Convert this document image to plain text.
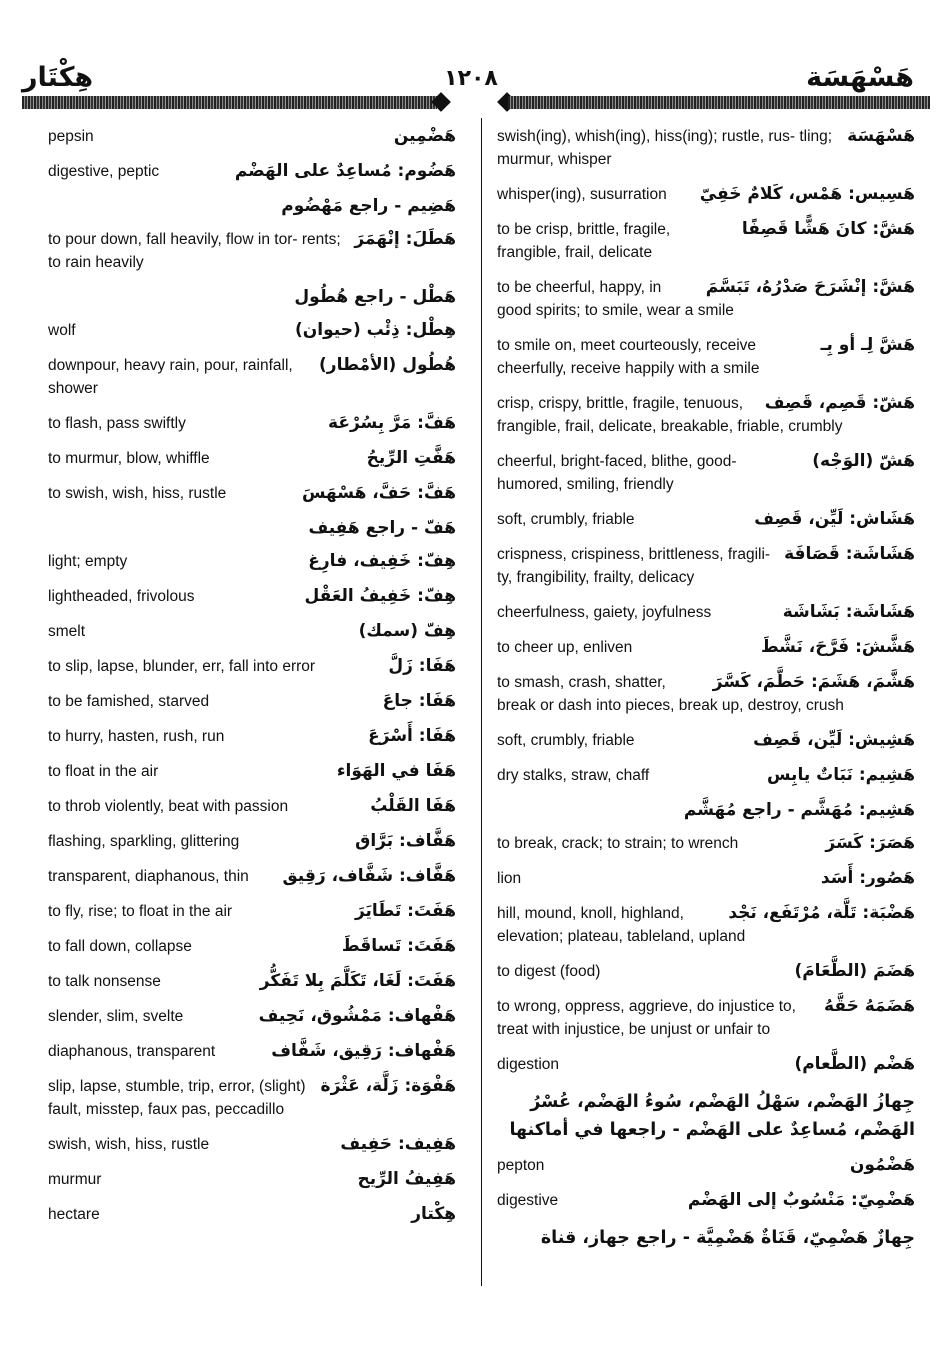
هِكْتَار	١٢٠٨	هَسْهَسَة
هَضْمِين
pepsin
هَضُوم: مُساعِدٌ على الهَضْم
digestive, peptic
هَضِيم - راجع مَهْضُوم
هَطَلَ: إنْهَمَرَ
to pour down, fall heavily, flow in tor- rents; to rain heavily
هَطْل - راجع هُطُول
هِطْل: ذِئْب (حيوان)
wolf
هُطُول (الأمْطار)
downpour, heavy rain, pour, rainfall, shower
هَفَّ: مَرَّ بِسُرْعَة
to flash, pass swiftly
هَفَّتِ الرِّيحُ
to murmur, blow, whiffle
هَفَّ: حَفَّ، هَسْهَسَ
to swish, wish, hiss, rustle
هَفّ - راجع هَفِيف
هِفّ: خَفِيف، فارِغ
light; empty
هِفّ: خَفِيفُ العَقْل
lightheaded, frivolous
هِفّ (سمك)
smelt
هَفَا: زَلَّ
to slip, lapse, blunder, err, fall into error
هَفَا: جاعَ
to be famished, starved
هَفَا: أَسْرَعَ
to hurry, hasten, rush, run
هَفَا في الهَوَاء
to float in the air
هَفَا القَلْبُ
to throb violently, beat with passion
هَفَّاف: بَرَّاق
flashing, sparkling, glittering
هَفَّاف: شَفَّاف، رَقِيق
transparent, diaphanous, thin
هَفَتَ: تَطَايَرَ
to fly, rise; to float in the air
هَفَتَ: تَساقَطَ
to fall down, collapse
هَفَتَ: لَغَا، تَكَلَّمَ بِلا تَفَكُّر
to talk nonsense
هَفْهاف: مَمْشُوق، نَحِيف
slender, slim, svelte
هَفْهاف: رَقِيق، شَفَّاف
diaphanous, transparent
هَفْوَة: زَلَّة، عَثْرَة
slip, lapse, stumble, trip, error, (slight) fault, misstep, faux pas, peccadillo
هَفِيف: حَفِيف
swish, wish, hiss, rustle
هَفِيفُ الرِّيح
murmur
هِكْتار
hectare
هَسْهَسَة
swish(ing), whish(ing), hiss(ing); rustle, rus- tling; murmur, whisper
هَسِيس: هَمْس، كَلامٌ خَفِيّ
whisper(ing), susurration
هَشَّ: كانَ هَشًّا قَصِفًا
to be crisp, brittle, fragile, frangible, frail, delicate
هَشَّ: إنْشَرَحَ صَدْرُهُ، تَبَسَّمَ
to be cheerful, happy, in good spirits; to smile, wear a smile
هَشَّ لِـ أو بِـ
to smile on, meet courteously, receive cheerfully, receive happily with a smile
هَشّ: قَصِم، قَصِف
crisp, crispy, brittle, fragile, tenuous, frangible, frail, delicate, breakable, friable, crumbly
هَشّ (الوَجْه)
cheerful, bright-faced, blithe, good- humored, smiling, friendly
هَشَاش: لَيِّن، قَصِف
soft, crumbly, friable
هَشَاشَة: قَصَافَة
crispness, crispiness, brittleness, fragili- ty, frangibility, frailty, delicacy
هَشَاشَة: بَشَاشَة
cheerfulness, gaiety, joyfulness
هَشَّشَ: فَرَّحَ، نَشَّطَ
to cheer up, enliven
هَشَّمَ، هَشَمَ: حَطَّمَ، كَسَّرَ
to smash, crash, shatter, break or dash into pieces, break up, destroy, crush
هَشِيش: لَيِّن، قَصِف
soft, crumbly, friable
هَشِيم: نَبَاتٌ يابِس
dry stalks, straw, chaff
هَشِيم: مُهَشَّم - راجع مُهَشَّم
هَصَرَ: كَسَرَ
to break, crack; to strain; to wrench
هَصُور: أَسَد
lion
هَضْبَة: تَلَّة، مُرْتَفَع، نَجْد
hill, mound, knoll, highland, elevation; plateau, tableland, upland
هَضَمَ (الطَّعَامَ)
to digest (food)
هَضَمَهُ حَقَّهُ
to wrong, oppress, aggrieve, do injustice to, treat with injustice, be unjust or unfair to
هَضْم (الطَّعام)
digestion
جِهازُ الهَضْم، سَهْلُ الهَضْم، سُوءُ الهَضْم، عُسْرُ الهَضْم، مُساعِدٌ على الهَضْم - راجعها في أماكنها
هَضْمُون
pepton
هَضْمِيّ: مَنْسُوبٌ إلى الهَضْم
digestive
جِهازٌ هَضْمِيّ، قَنَاةٌ هَضْمِيَّة - راجع جهاز، قناة
